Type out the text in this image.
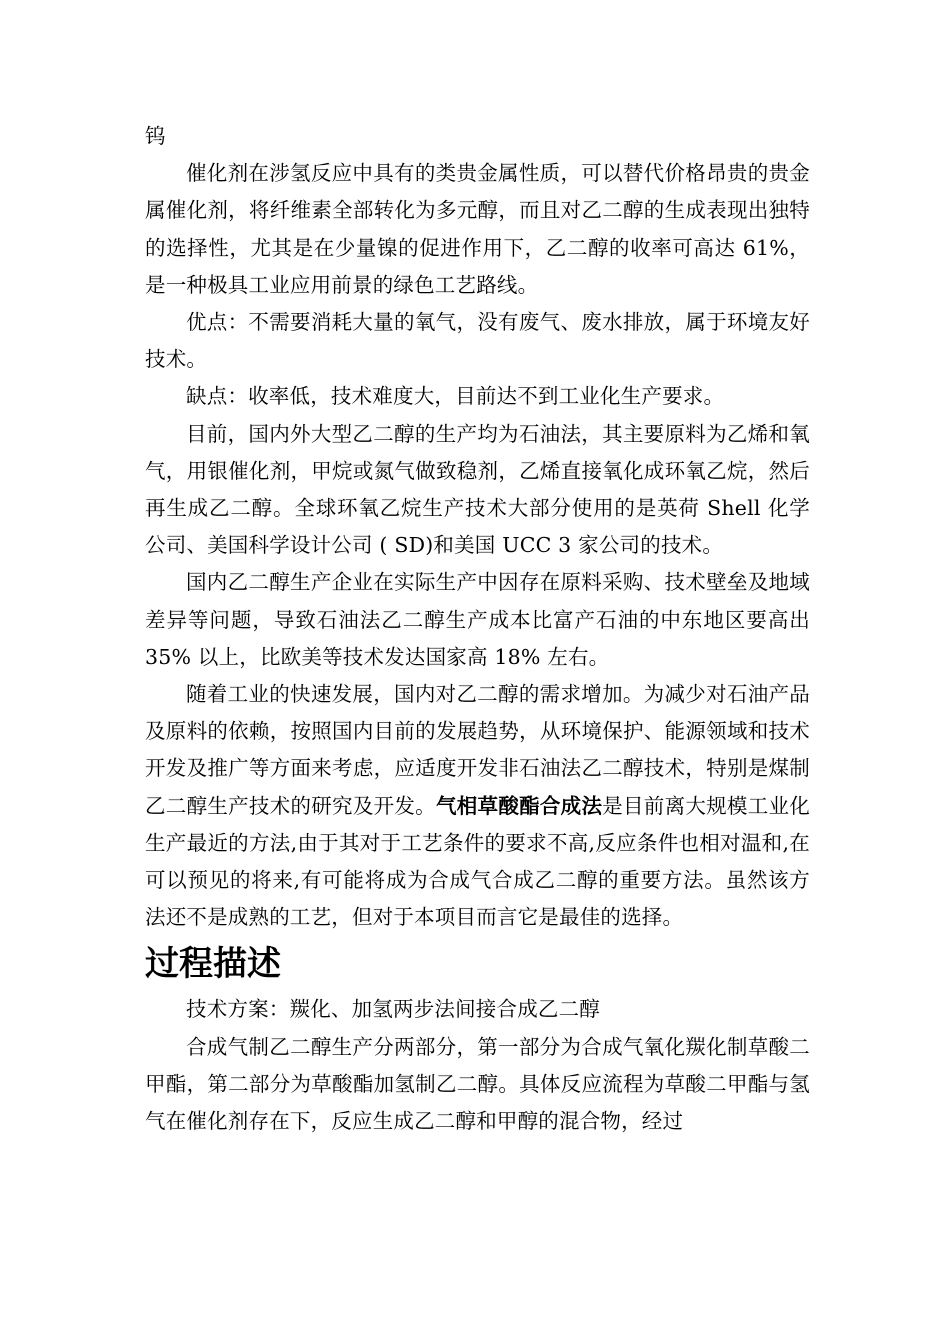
钨

催化剂在涉氢反应中具有的类贵金属性质，可以替代价格昂贵的贵金属催化剂，将纤维素全部转化为多元醇，而且对乙二醇的生成表现出独特的选择性，尤其是在少量镍的促进作用下，乙二醇的收率可高达 61%， 是一种极具工业应用前景的绿色工艺路线。

优点：不需要消耗大量的氧气，没有废气、废水排放，属于环境友好技术。

缺点：收率低，技术难度大，目前达不到工业化生产要求。

目前，国内外大型乙二醇的生产均为石油法，其主要原料为乙烯和氧气，用银催化剂，甲烷或氮气做致稳剂，乙烯直接氧化成环氧乙烷，然后再生成乙二醇。全球环氧乙烷生产技术大部分使用的是英荷 Shell 化学公司、美国科学设计公司 ( SD)和美国 UCC 3 家公司的技术。

国内乙二醇生产企业在实际生产中因存在原料采购、技术壁垒及地域差异等问题，导致石油法乙二醇生产成本比富产石油的中东地区要高出 35% 以上，比欧美等技术发达国家高 18% 左右。

随着工业的快速发展，国内对乙二醇的需求增加。为减少对石油产品及原料的依赖，按照国内目前的发展趋势，从环境保护、能源领域和技术开发及推广等方面来考虑，应适度开发非石油法乙二醇技术，特别是煤制乙二醇生产技术的研究及开发。气相草酸酯合成法是目前离大规模工业化生产最近的方法,由于其对于工艺条件的要求不高,反应条件也相对温和,在可以预见的将来,有可能将成为合成气合成乙二醇的重要方法。虽然该方法还不是成熟的工艺，但对于本项目而言它是最佳的选择。

过程描述

技术方案：羰化、加氢两步法间接合成乙二醇

合成气制乙二醇生产分两部分，第一部分为合成气氧化羰化制草酸二甲酯，第二部分为草酸酯加氢制乙二醇。具体反应流程为草酸二甲酯与氢气在催化剂存在下，反应生成乙二醇和甲醇的混合物，经过
